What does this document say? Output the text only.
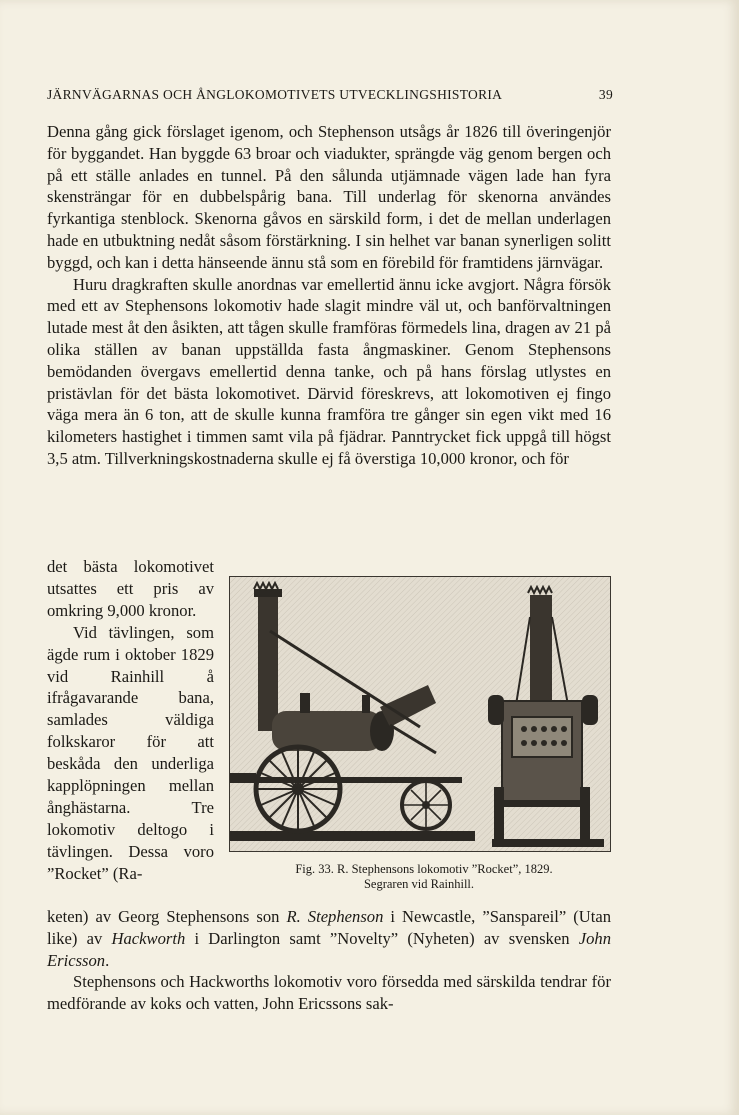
JÄRNVÄGARNAS OCH ÅNGLOKOMOTIVETS UTVECKLINGSHISTORIA	39

Denna gång gick förslaget igenom, och Stephenson utsågs år 1826 till överingenjör för byggandet. Han byggde 63 broar och viadukter, sprängde väg genom bergen och på ett ställe anlades en tunnel. På den sålunda utjämnade vägen lade han fyra skensträngar för en dubbelspårig bana. Till underlag för skenorna användes fyrkantiga stenblock. Skenorna gåvos en särskild form, i det de mellan underlagen hade en utbuktning nedåt såsom förstärkning. I sin helhet var banan synerligen solitt byggd, och kan i detta hänseende ännu stå som en förebild för framtidens järnvägar.

Huru dragkraften skulle anordnas var emellertid ännu icke avgjort. Några försök med ett av Stephensons lokomotiv hade slagit mindre väl ut, och banförvaltningen lutade mest åt den åsikten, att tågen skulle framföras förmedels lina, dragen av 21 på olika ställen av banan uppställda fasta ångmaskiner. Genom Stephensons bemödanden övergavs emellertid denna tanke, och på hans förslag utlystes en pristävlan för det bästa lokomotivet. Därvid föreskrevs, att lokomotiven ej fingo väga mera än 6 ton, att de skulle kunna framföra tre gånger sin egen vikt med 16 kilometers hastighet i timmen samt vila på fjädrar. Panntrycket fick uppgå till högst 3,5 atm. Tillverkningskostnaderna skulle ej få överstiga 10,000 kronor, och för

det bästa lokomotivet utsattes ett pris av omkring 9,000 kronor.

Vid tävlingen, som ägde rum i oktober 1829 vid Rainhill å ifrågavarande bana, samlades väldiga folkskaror för att beskåda den underliga kapplöpningen mellan ånghästarna. Tre lokomotiv deltogo i tävlingen. Dessa voro ”Rocket” (Ra-	Fig. 33. R. Stephensons lokomotiv ”Rocket”, 1829.
Segraren vid Rainhill.

keten) av Georg Stephensons son R. Stephenson i Newcastle, ”Sanspareil” (Utan like) av Hackworth i Darlington samt ”Novelty” (Nyheten) av svensken John Ericsson.

Stephensons och Hackworths lokomotiv voro försedda med särskilda tendrar för medförande av koks och vatten, John Ericssons sak-
